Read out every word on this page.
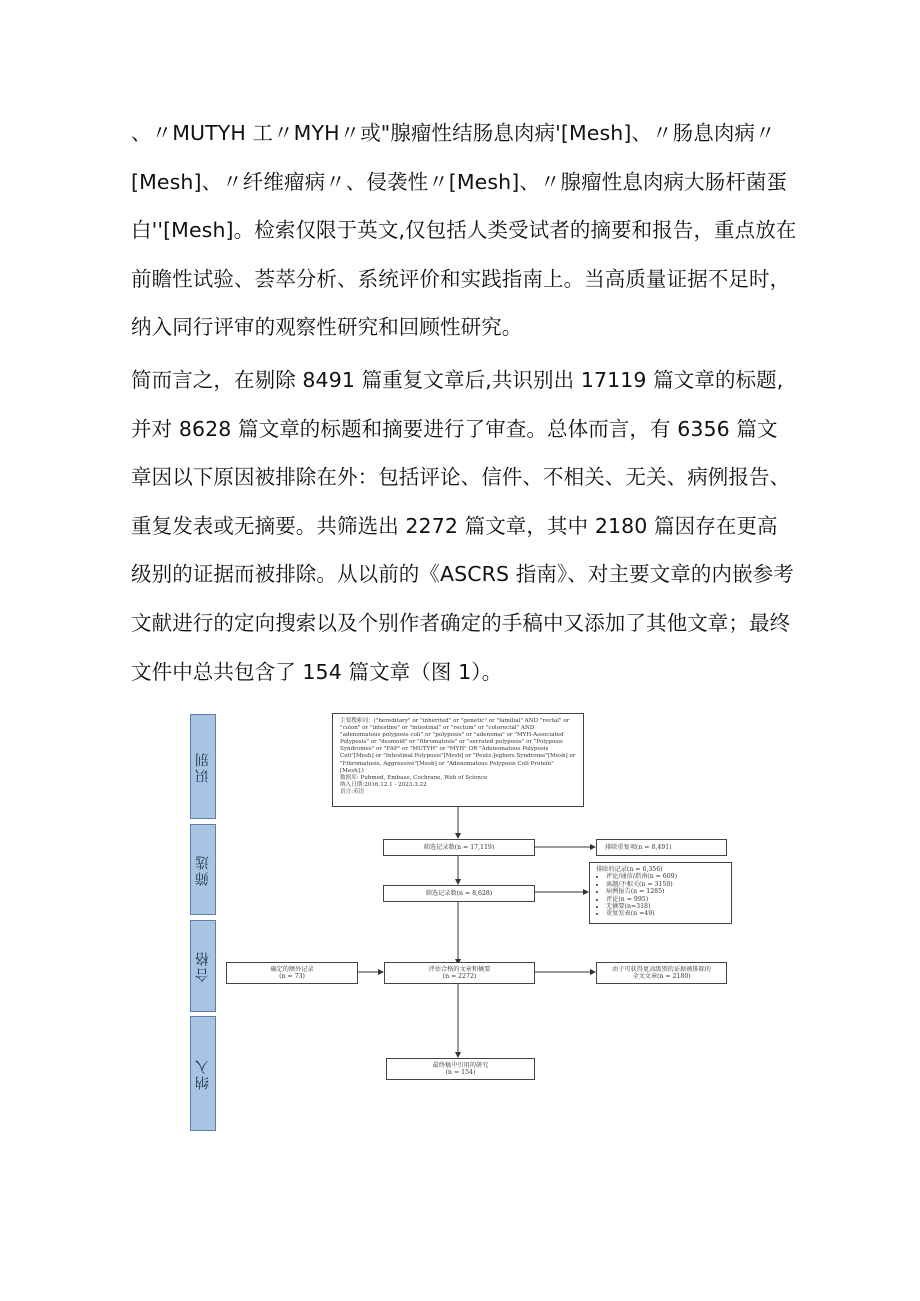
、〃MUTYH 工〃MYH〃或"腺瘤性结肠息肉病'[Mesh]、〃肠息肉病〃[Mesh]、〃纤维瘤病〃、侵袭性〃[Mesh]、〃腺瘤性息肉病大肠杆菌蛋白''[Mesh]。检索仅限于英文,仅包括人类受试者的摘要和报告，重点放在前瞻性试验、荟萃分析、系统评价和实践指南上。当高质量证据不足时，纳入同行评审的观察性研究和回顾性研究。
简而言之，在剔除 8491 篇重复文章后,共识别出 17119 篇文章的标题,并对 8628 篇文章的标题和摘要进行了审查。总体而言，有 6356 篇文章因以下原因被排除在外：包括评论、信件、不相关、无关、病例报告、重复发表或无摘要。共筛选出 2272 篇文章，其中 2180 篇因存在更高级别的证据而被排除。从以前的《ASCRS 指南》、对主要文章的内嵌参考文献进行的定向搜索以及个别作者确定的手稿中又添加了其他文章；最终文件中总共包含了 154 篇文章（图 1）。
识别
筛选
合格
纳入
主要搜索词：("hereditary" or "inherited" or "genetic" or "familial" AND "rectal" or
"colon" or "intestine" or "intestinal" or "rectum" or "colorectal" AND
"adenomatous polyposis coli" or "polyposis" or "adenoma" or "MYH-Associated
Polyposis" or "desmoid" or "fibromatosis" or "serrated polyposis" or "Polyposis
Syndromes" or "FAP" or "MUTYH" or "MYH" OR "Adenomatous Polyposis
Coli"[Mesh] or "Intestinal Polyposis"[Mesh] or "Peutz-Jeghers Syndrome"[Mesh] or
"Fibromatosis, Aggressive"[Mesh] or "Adenomatous Polyposis Coli Protein"[Mesh].)
数据库: Pubmed, Embase, Cochrane, Web of Science
纳入日期:2016.12.1 - 2023.3.22
语言:英语
筛选记录数(n = 17,119)	排除重复项(n = 8,491)
筛选记录数(n = 8,628)
排除的记录(n = 6,356)
• 评论/通信/指南(n = 609)
• 离题/不相关(n = 3150)
• 病例报告(n = 1285)
• 评论(n = 995)
• 无摘要(n=318)
• 重复发表(n =49)
确定的额外记录
(n = 73)
评估合格的文章和摘要
(n = 2272)
由于可获得更高级别的证据被排除的
全文文章(n = 2180)
最终稿中引用的研究
(n = 154)
